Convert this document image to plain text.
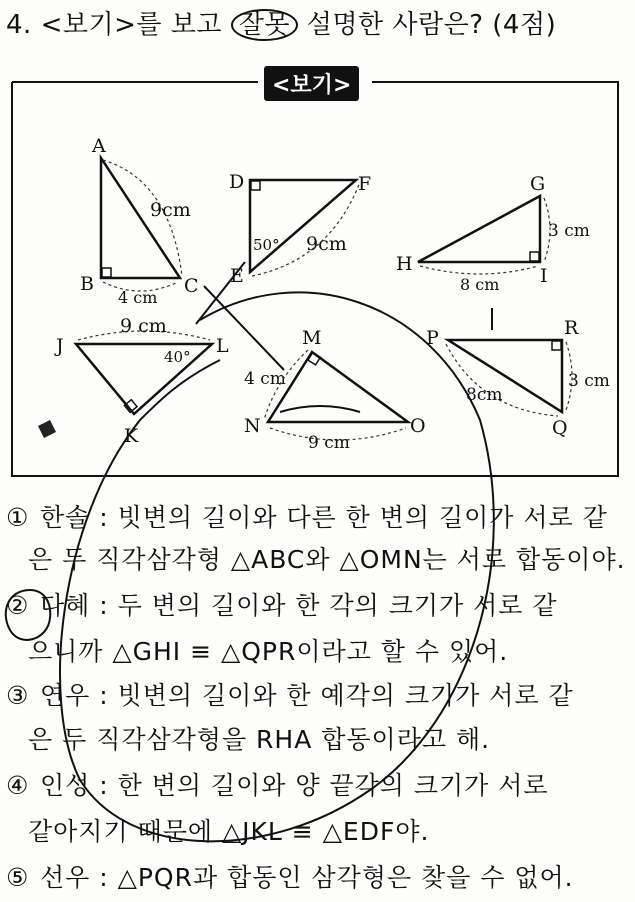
4. <보기>를 보고 잘못 설명한 사람은? (4점)
A
B	C
9cm
4 cm
D
E
F
50° 9cm
G
H
I
3 cm
8 cm
J
K
L
9 cm
40°
M
N	O
4 cm
9 cm
P
Q
R
8cm
3 cm
<보기>
① 한솔 : 빗변의 길이와 다른 한 변의 길이가 서로 같
은 두 직각삼각형 △ABC와 △OMN는 서로 합동이야.
② 다혜 : 두 변의 길이와 한 각의 크기가 서로 같
으니까 △GHI ≡ △QPR이라고 할 수 있어.
③ 연우 : 빗변의 길이와 한 예각의 크기가 서로 같
은 두 직각삼각형을 RHA 합동이라고 해.
④ 인성 : 한 변의 길이와 양 끝각의 크기가 서로
같아지기 때문에 △JKL ≡ △EDF야.
⑤ 선우 : △PQR과 합동인 삼각형은 찾을 수 없어.
